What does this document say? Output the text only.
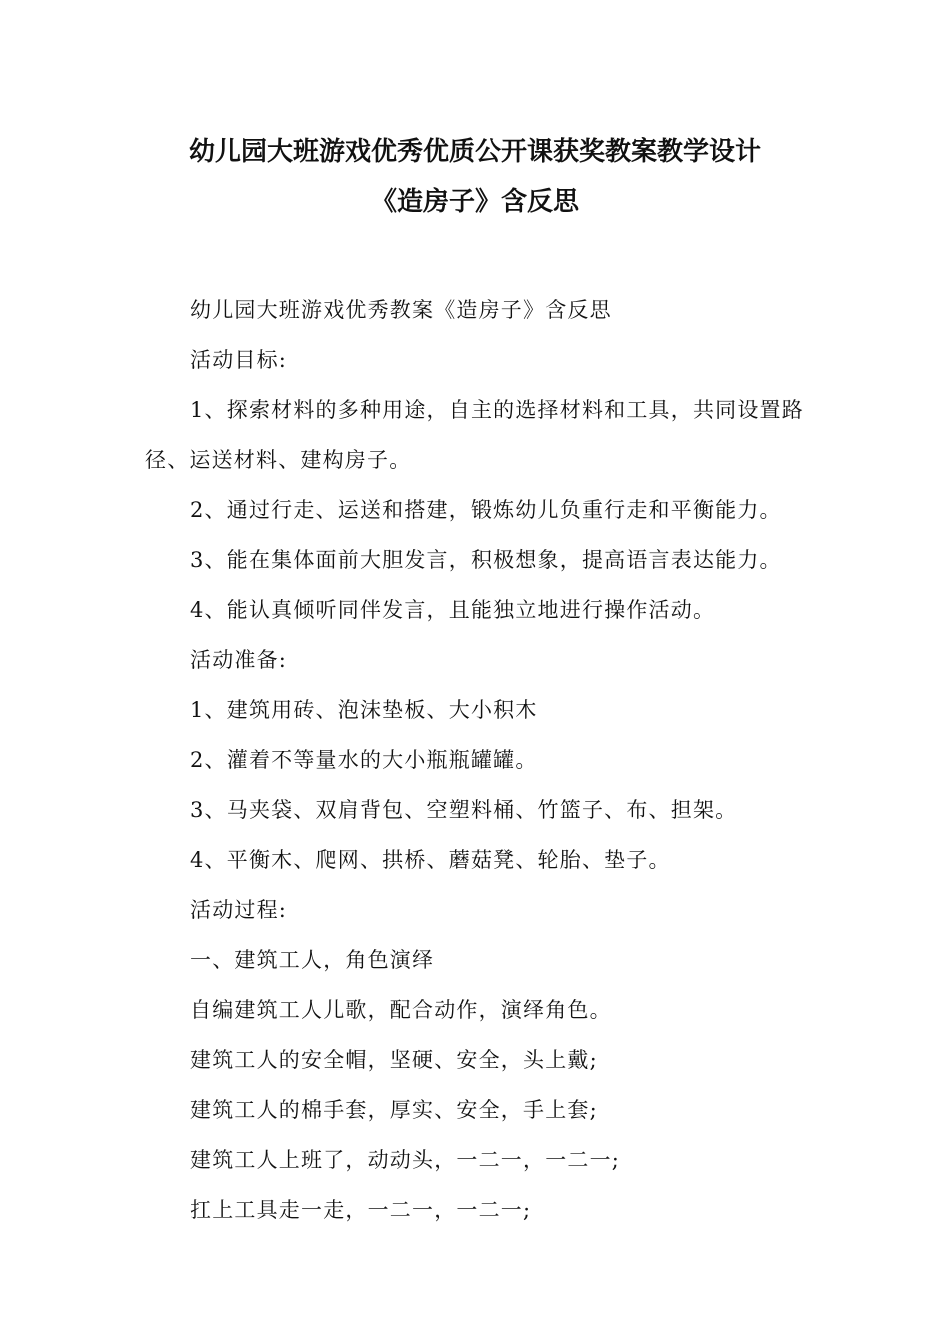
幼儿园大班游戏优秀优质公开课获奖教案教学设计
《造房子》含反思

幼儿园大班游戏优秀教案《造房子》含反思

活动目标:

1、探索材料的多种用途，自主的选择材料和工具，共同设置路径、运送材料、建构房子。

2、通过行走、运送和搭建，锻炼幼儿负重行走和平衡能力。

3、能在集体面前大胆发言，积极想象，提高语言表达能力。

4、能认真倾听同伴发言，且能独立地进行操作活动。

活动准备:

1、建筑用砖、泡沫垫板、大小积木

2、灌着不等量水的大小瓶瓶罐罐。

3、马夹袋、双肩背包、空塑料桶、竹篮子、布、担架。

4、平衡木、爬网、拱桥、蘑菇凳、轮胎、垫子。

活动过程:

一、建筑工人，角色演绎

自编建筑工人儿歌，配合动作，演绎角色。

建筑工人的安全帽，坚硬、安全，头上戴;

建筑工人的棉手套，厚实、安全，手上套;

建筑工人上班了，动动头，一二一，一二一;

扛上工具走一走，一二一，一二一;
